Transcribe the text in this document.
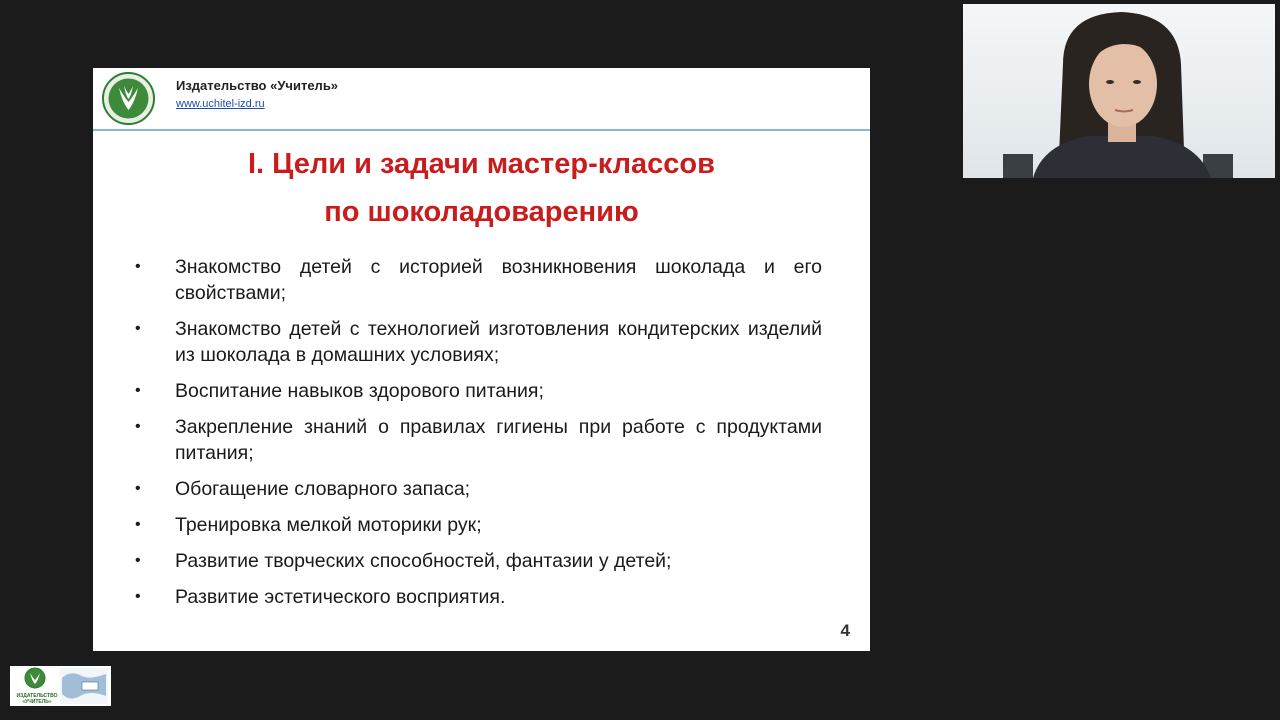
Издательство «Учитель»
www.uchitel-izd.ru
I. Цели и задачи мастер-классов
по шоколадоварению
• Знакомство детей с историей возникновения шоколада и его свойствами;
• Знакомство детей с технологией изготовления кондитерских изделий из шоколада в домашних условиях;
• Воспитание навыков здорового питания;
• Закрепление знаний о правилах гигиены при работе с продуктами питания;
• Обогащение словарного запаса;
• Тренировка мелкой моторики рук;
• Развитие творческих способностей, фантазии у детей;
• Развитие эстетического восприятия.
4
ИЗДАТЕЛЬСТВО «УЧИТЕЛЬ»
